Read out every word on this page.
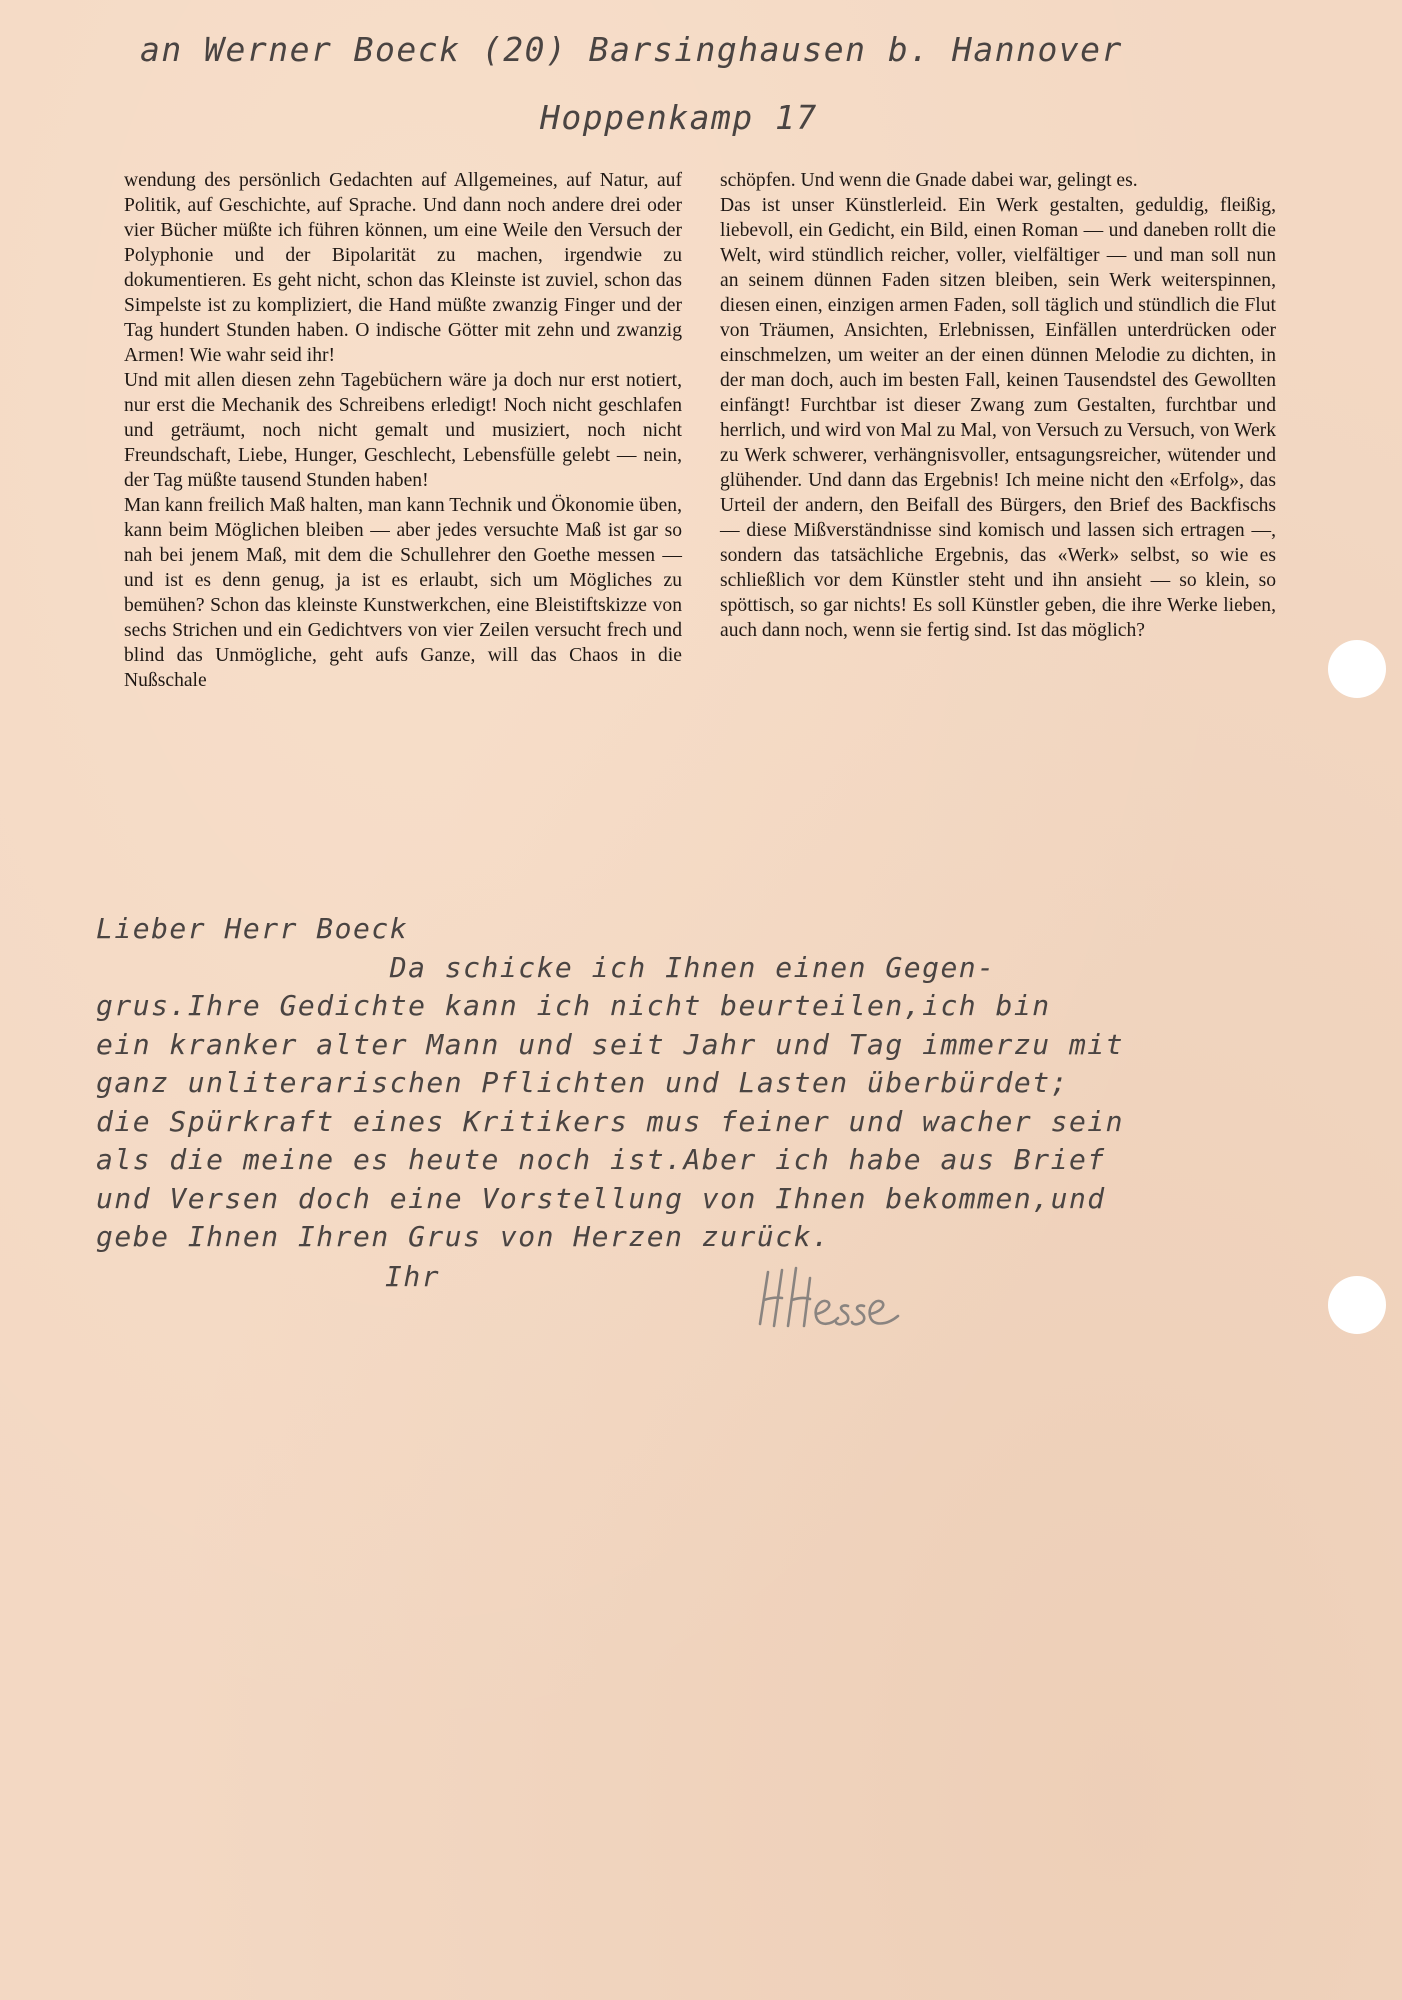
an Werner Boeck (20) Barsinghausen b. Hannover

Hoppenkamp 17

wendung des persönlich Gedachten auf Allgemeines, auf Natur, auf Politik, auf Geschichte, auf Sprache. Und dann noch andere drei oder vier Bücher müßte ich führen können, um eine Weile den Versuch der Polyphonie und der Bipolarität zu machen, irgendwie zu dokumentieren. Es geht nicht, schon das Kleinste ist zuviel, schon das Simpelste ist zu kompliziert, die Hand müßte zwanzig Finger und der Tag hundert Stunden haben. O indische Götter mit zehn und zwanzig Armen! Wie wahr seid ihr!

Und mit allen diesen zehn Tagebüchern wäre ja doch nur erst notiert, nur erst die Mechanik des Schreibens erledigt! Noch nicht geschlafen und geträumt, noch nicht gemalt und musiziert, noch nicht Freundschaft, Liebe, Hunger, Geschlecht, Lebensfülle gelebt — nein, der Tag müßte tausend Stunden haben!

Man kann freilich Maß halten, man kann Technik und Ökonomie üben, kann beim Möglichen bleiben — aber jedes versuchte Maß ist gar so nah bei jenem Maß, mit dem die Schullehrer den Goethe messen — und ist es denn genug, ja ist es erlaubt, sich um Mögliches zu bemühen? Schon das kleinste Kunstwerkchen, eine Bleistiftskizze von sechs Strichen und ein Gedichtvers von vier Zeilen versucht frech und blind das Unmögliche, geht aufs Ganze, will das Chaos in die Nußschale

schöpfen. Und wenn die Gnade dabei war, gelingt es.

Das ist unser Künstlerleid. Ein Werk gestalten, geduldig, fleißig, liebevoll, ein Gedicht, ein Bild, einen Roman — und daneben rollt die Welt, wird stündlich reicher, voller, vielfältiger — und man soll nun an seinem dünnen Faden sitzen bleiben, sein Werk weiterspinnen, diesen einen, einzigen armen Faden, soll täglich und stündlich die Flut von Träumen, Ansichten, Erlebnissen, Einfällen unterdrücken oder einschmelzen, um weiter an der einen dünnen Melodie zu dichten, in der man doch, auch im besten Fall, keinen Tausendstel des Gewollten einfängt! Furchtbar ist dieser Zwang zum Gestalten, furchtbar und herrlich, und wird von Mal zu Mal, von Versuch zu Versuch, von Werk zu Werk schwerer, verhängnisvoller, entsagungsreicher, wütender und glühender. Und dann das Ergebnis! Ich meine nicht den «Erfolg», das Urteil der andern, den Beifall des Bürgers, den Brief des Backfischs — diese Mißverständnisse sind komisch und lassen sich ertragen —, sondern das tatsächliche Ergebnis, das «Werk» selbst, so wie es schließlich vor dem Künstler steht und ihn ansieht — so klein, so spöttisch, so gar nichts! Es soll Künstler geben, die ihre Werke lieben, auch dann noch, wenn sie fertig sind. Ist das möglich?

Lieber Herr Boeck
Da schicke ich Ihnen einen Gegen-
grus.Ihre Gedichte kann ich nicht beurteilen,ich bin
ein kranker alter Mann und seit Jahr und Tag immerzu mit
ganz unliterarischen Pflichten und Lasten überbürdet;
die Spürkraft eines Kritikers mus feiner und wacher sein
als die meine es heute noch ist.Aber ich habe aus Brief
und Versen doch eine Vorstellung von Ihnen bekommen,und
gebe Ihnen Ihren Grus von Herzen zurück.
Ihr
